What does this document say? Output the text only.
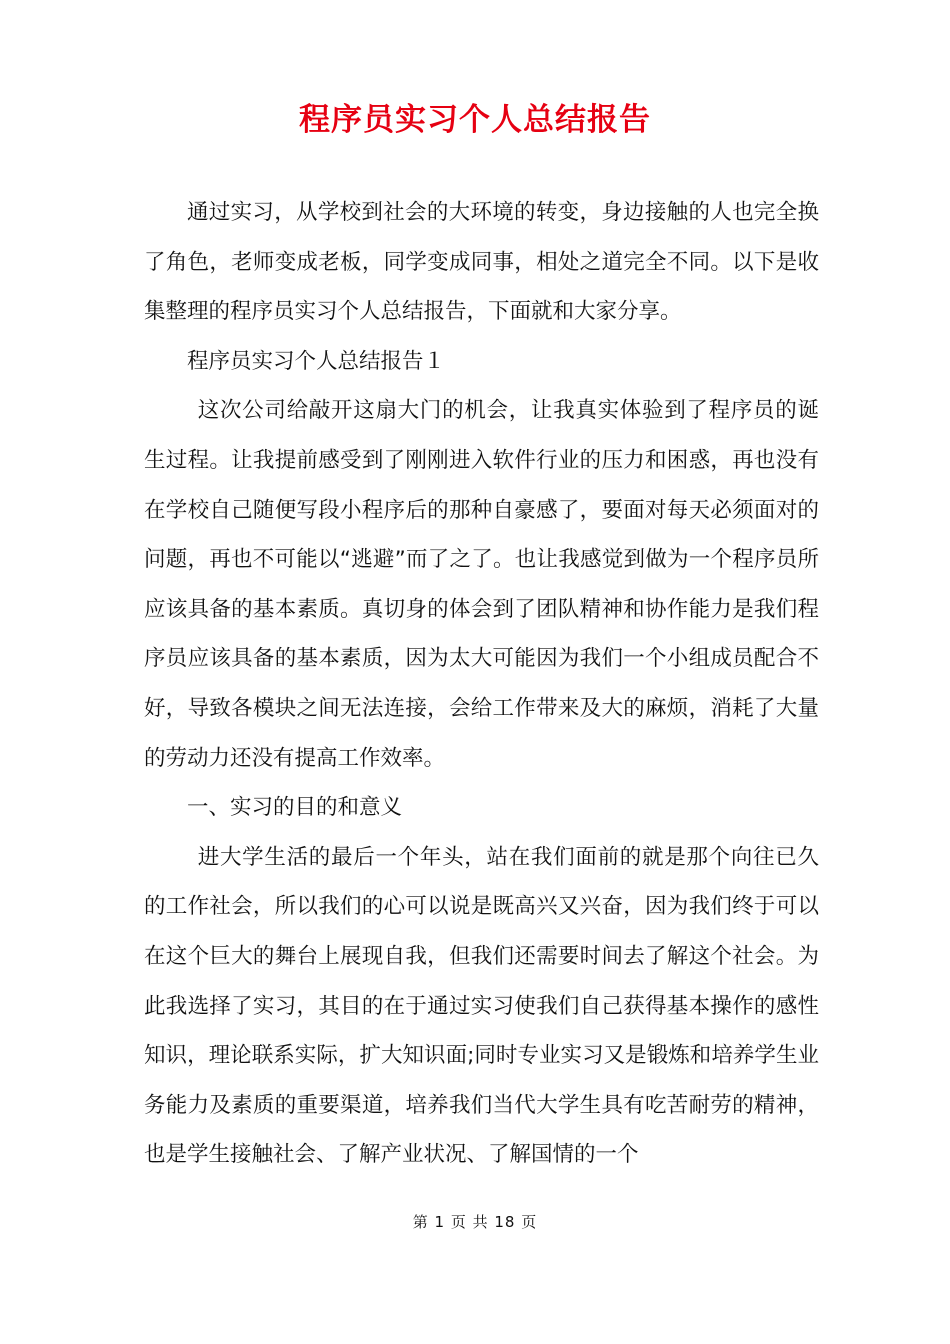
程序员实习个人总结报告

通过实习，从学校到社会的大环境的转变，身边接触的人也完全换了角色，老师变成老板，同学变成同事，相处之道完全不同。以下是收集整理的程序员实习个人总结报告，下面就和大家分享。

程序员实习个人总结报告１

这次公司给敲开这扇大门的机会，让我真实体验到了程序员的诞生过程。让我提前感受到了刚刚进入软件行业的压力和困惑，再也没有在学校自己随便写段小程序后的那种自豪感了，要面对每天必须面对的问题，再也不可能以“逃避”而了之了。也让我感觉到做为一个程序员所应该具备的基本素质。真切身的体会到了团队精神和协作能力是我们程序员应该具备的基本素质，因为太大可能因为我们一个小组成员配合不好，导致各模块之间无法连接，会给工作带来及大的麻烦，消耗了大量的劳动力还没有提高工作效率。

一、实习的目的和意义

进大学生活的最后一个年头，站在我们面前的就是那个向往已久的工作社会，所以我们的心可以说是既高兴又兴奋，因为我们终于可以在这个巨大的舞台上展现自我，但我们还需要时间去了解这个社会。为此我选择了实习，其目的在于通过实习使我们自己获得基本操作的感性知识，理论联系实际，扩大知识面;同时专业实习又是锻炼和培养学生业务能力及素质的重要渠道，培养我们当代大学生具有吃苦耐劳的精神，也是学生接触社会、了解产业状况、了解国情的一个

第 1 页 共 18 页
